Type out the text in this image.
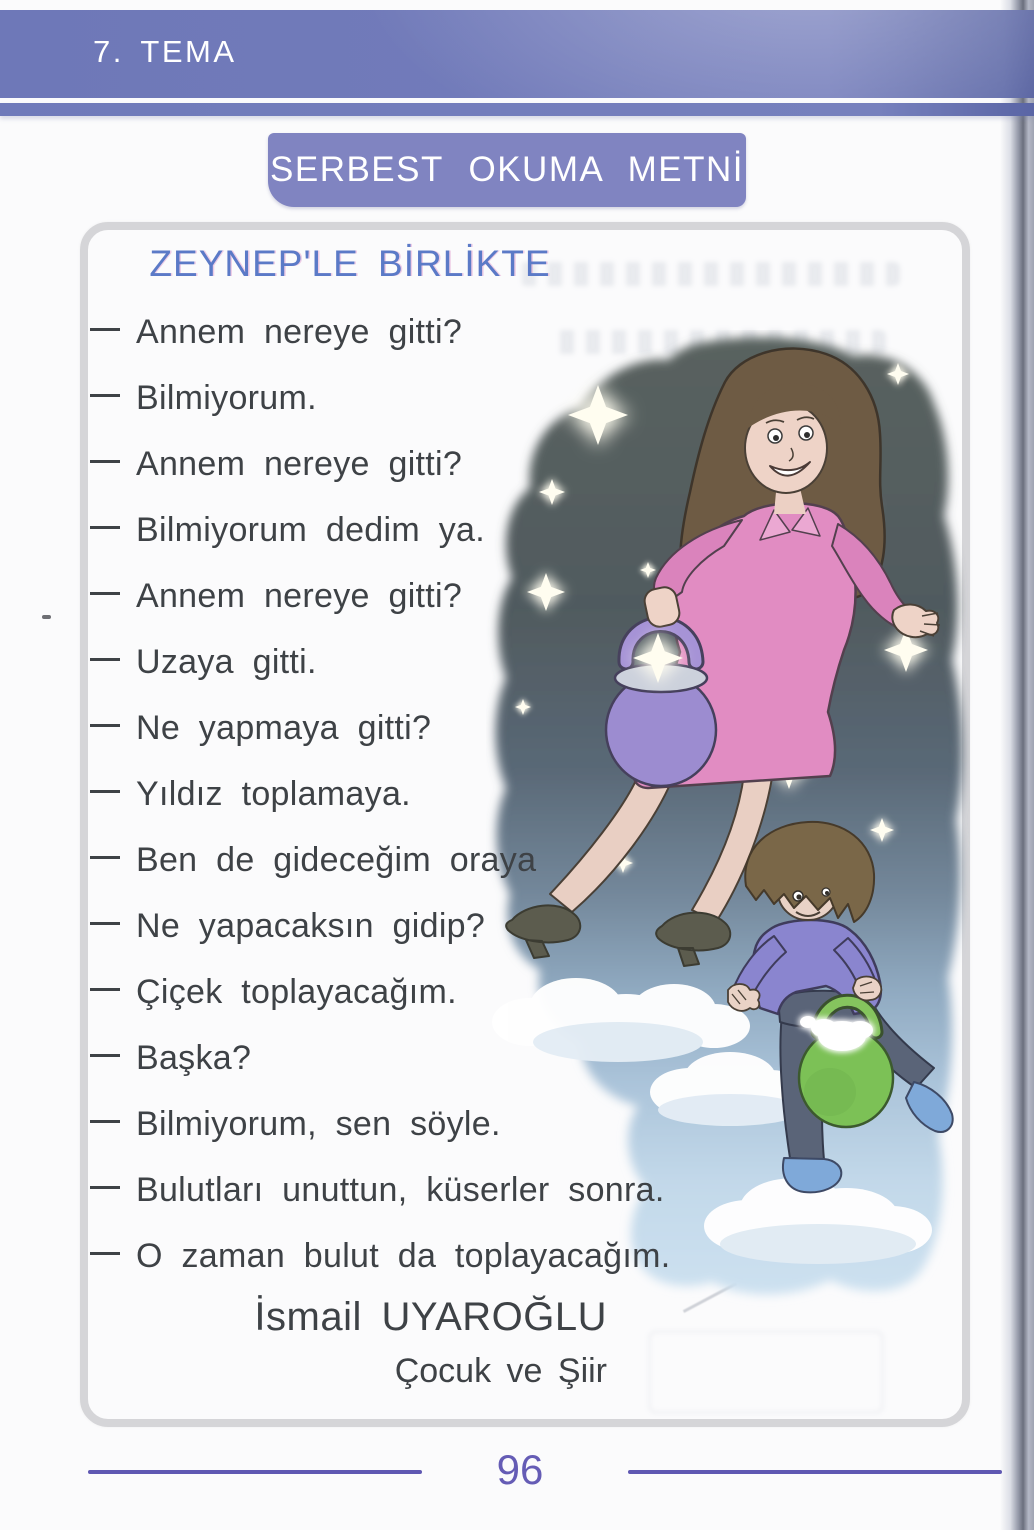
7. TEMA
SERBEST OKUMA METNİ
ZEYNEP'LE BİRLİKTE
Annem nereye gitti?
Bilmiyorum.
Annem nereye gitti?
Bilmiyorum dedim ya.
Annem nereye gitti?
Uzaya gitti.
Ne yapmaya gitti?
Yıldız toplamaya.
Ben de gideceğim oraya
Ne yapacaksın gidip?
Çiçek toplayacağım.
Başka?
Bilmiyorum, sen söyle.
Bulutları unuttun, küserler sonra.
O zaman bulut da toplayacağım.
İsmail UYAROĞLU
Çocuk ve Şiir
96
